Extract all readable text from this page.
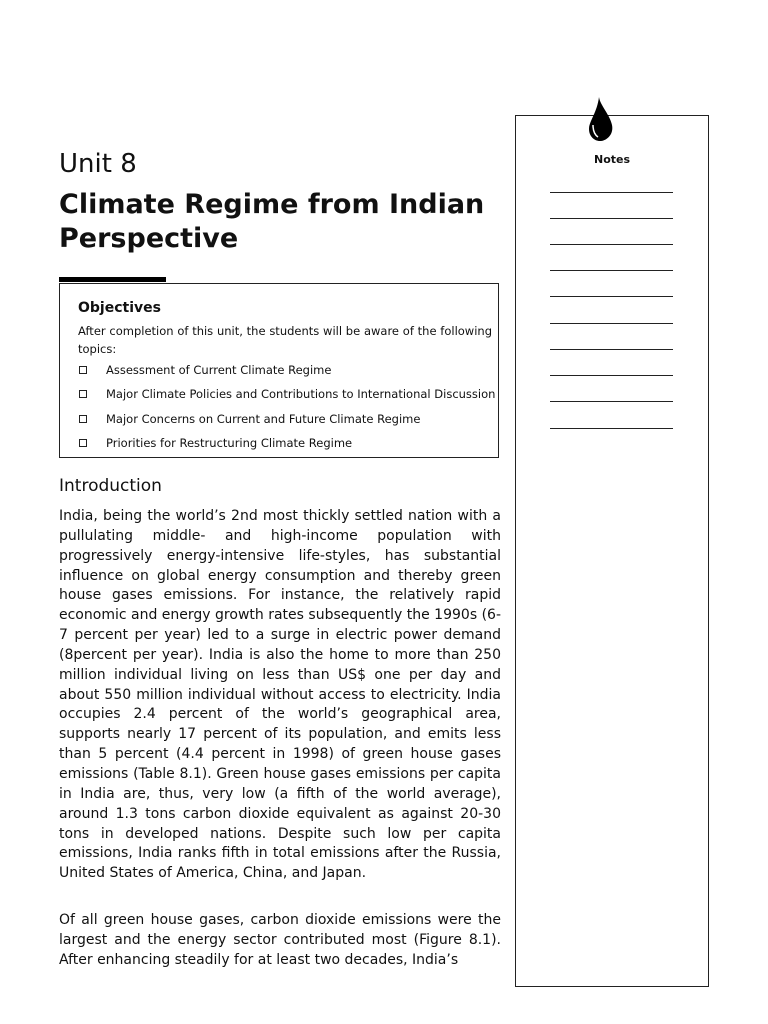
Unit 8
Climate Regime from Indian Perspective
Objectives

After completion of this unit, the students will be aware of the following topics:

Assessment of Current Climate Regime
Major Climate Policies and Contributions to International Discussion
Major Concerns on Current and Future Climate Regime
Priorities for Restructuring Climate Regime
Introduction

India, being the world’s 2nd most thickly settled nation with a pullulating middle- and high-income population with progressively energy-intensive life-styles, has substantial influence on global energy consumption and thereby green house gases emissions. For instance, the relatively rapid economic and energy growth rates subsequently the 1990s (6-7 percent per year) led to a surge in electric power demand (8percent per year). India is also the home to more than 250 million individual living on less than US$ one per day and about 550 million individual without access to electricity. India occupies 2.4 percent of the world’s geographical area, supports nearly 17 percent of its population, and emits less than 5 percent (4.4 percent in 1998) of green house gases emissions (Table 8.1). Green house gases emissions per capita in India are, thus, very low (a fifth of the world average), around 1.3 tons carbon dioxide equivalent as against 20-30 tons in developed nations. Despite such low per capita emissions, India ranks fifth in total emissions after the Russia, United States of America, China, and Japan.

Of all green house gases, carbon dioxide emissions were the largest and the energy sector contributed most (Figure 8.1). After enhancing steadily for at least two decades, India’s

Notes
